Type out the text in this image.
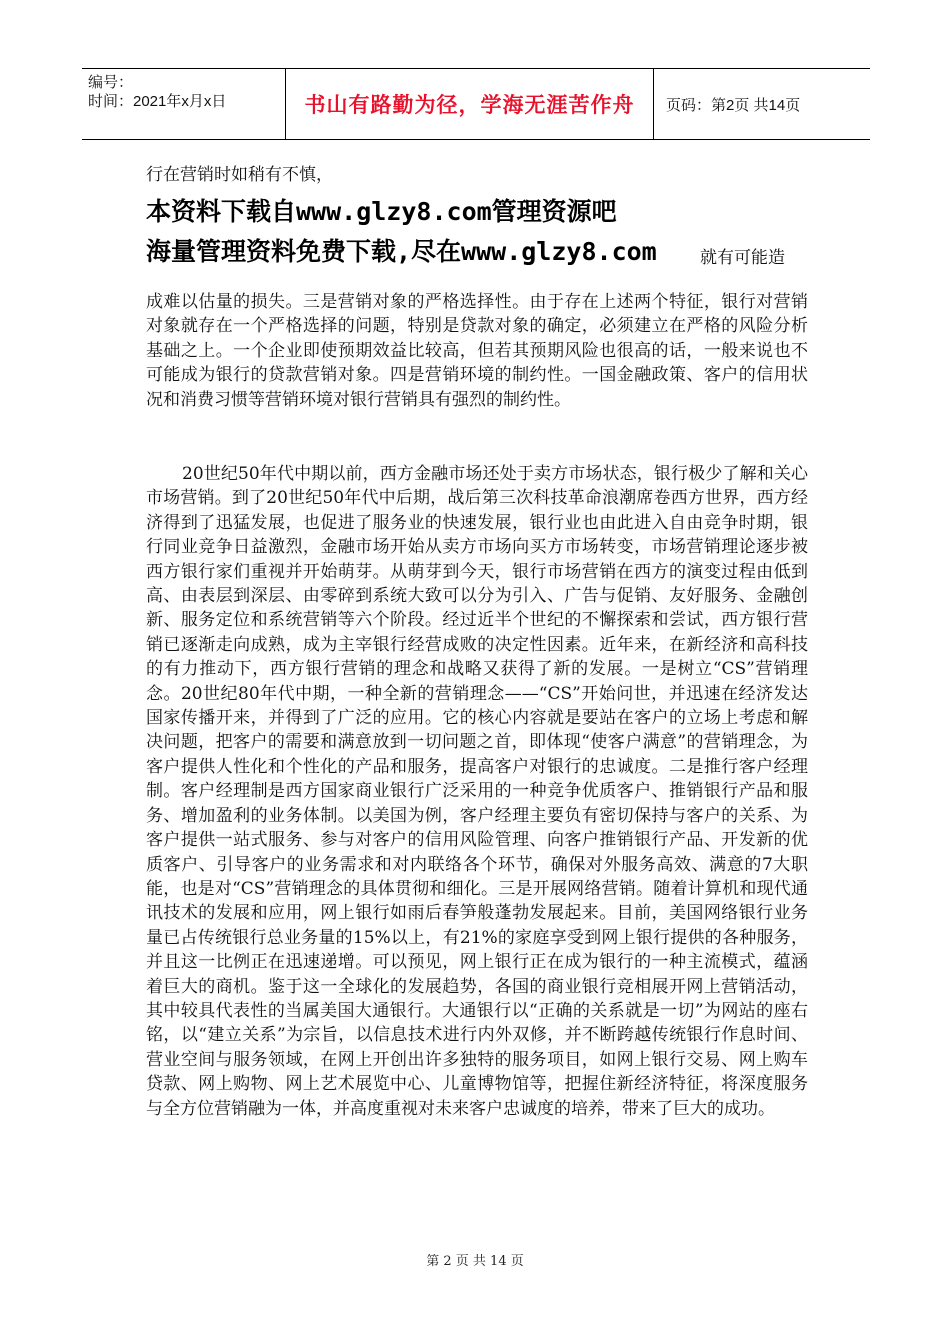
编号：
时间：2021年x月x日	书山有路勤为径，学海无涯苦作舟	页码：第2页 共14页
行在营销时如稍有不慎，
本资料下载自www.glzy8.com管理资源吧
海量管理资料免费下载,尽在www.glzy8.com	就有可能造

成难以估量的损失。三是营销对象的严格选择性。由于存在上述两个特征，银行对营销对象就存在一个严格选择的问题，特别是贷款对象的确定，必须建立在严格的风险分析基础之上。一个企业即使预期效益比较高，但若其预期风险也很高的话，一般来说也不可能成为银行的贷款营销对象。四是营销环境的制约性。一国金融政策、客户的信用状况和消费习惯等营销环境对银行营销具有强烈的制约性。

20世纪50年代中期以前，西方金融市场还处于卖方市场状态，银行极少了解和关心市场营销。到了20世纪50年代中后期，战后第三次科技革命浪潮席卷西方世界，西方经济得到了迅猛发展，也促进了服务业的快速发展，银行业也由此进入自由竞争时期，银行同业竞争日益激烈，金融市场开始从卖方市场向买方市场转变，市场营销理论逐步被西方银行家们重视并开始萌芽。从萌芽到今天，银行市场营销在西方的演变过程由低到高、由表层到深层、由零碎到系统大致可以分为引入、广告与促销、友好服务、金融创新、服务定位和系统营销等六个阶段。经过近半个世纪的不懈探索和尝试，西方银行营销已逐渐走向成熟，成为主宰银行经营成败的决定性因素。近年来，在新经济和高科技的有力推动下，西方银行营销的理念和战略又获得了新的发展。一是树立“CS”营销理念。20世纪80年代中期，一种全新的营销理念——“CS”开始问世，并迅速在经济发达国家传播开来，并得到了广泛的应用。它的核心内容就是要站在客户的立场上考虑和解决问题，把客户的需要和满意放到一切问题之首，即体现“使客户满意”的营销理念，为客户提供人性化和个性化的产品和服务，提高客户对银行的忠诚度。二是推行客户经理制。客户经理制是西方国家商业银行广泛采用的一种竞争优质客户、推销银行产品和服务、增加盈利的业务体制。以美国为例，客户经理主要负有密切保持与客户的关系、为客户提供一站式服务、参与对客户的信用风险管理、向客户推销银行产品、开发新的优质客户、引导客户的业务需求和对内联络各个环节，确保对外服务高效、满意的7大职能，也是对“CS”营销理念的具体贯彻和细化。三是开展网络营销。随着计算机和现代通讯技术的发展和应用，网上银行如雨后春笋般蓬勃发展起来。目前，美国网络银行业务量已占传统银行总业务量的15%以上，有21%的家庭享受到网上银行提供的各种服务，并且这一比例正在迅速递增。可以预见，网上银行正在成为银行的一种主流模式，蕴涵着巨大的商机。鉴于这一全球化的发展趋势，各国的商业银行竞相展开网上营销活动，其中较具代表性的当属美国大通银行。大通银行以“正确的关系就是一切”为网站的座右铭，以“建立关系”为宗旨，以信息技术进行内外双修，并不断跨越传统银行作息时间、营业空间与服务领域，在网上开创出许多独特的服务项目，如网上银行交易、网上购车贷款、网上购物、网上艺术展览中心、儿童博物馆等，把握住新经济特征，将深度服务与全方位营销融为一体，并高度重视对未来客户忠诚度的培养，带来了巨大的成功。

第 2 页 共 14 页
